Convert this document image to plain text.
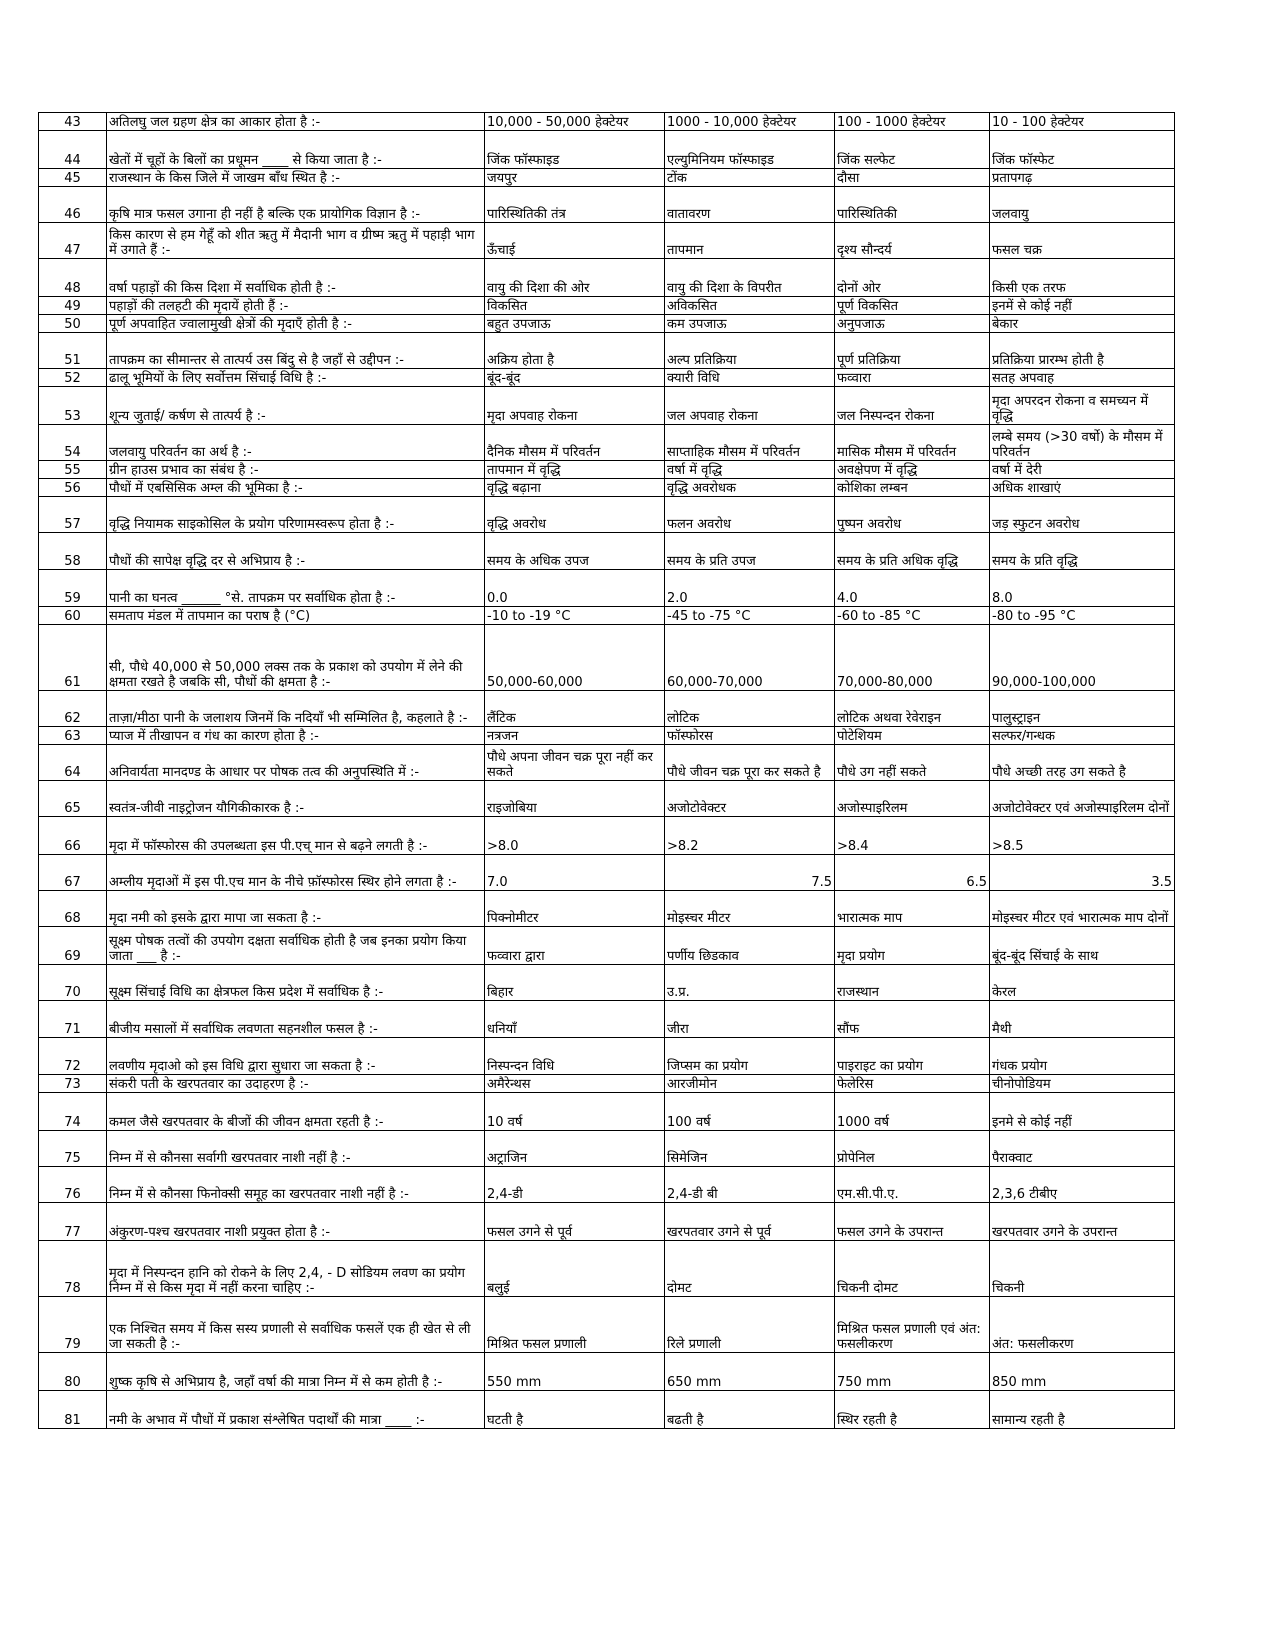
43	अतिलघु जल ग्रहण क्षेत्र का आकार होता है :-	10,000 - 50,000 हेक्टेयर	1000 - 10,000 हेक्टेयर	100 - 1000 हेक्टेयर	10 - 100 हेक्टेयर
44	खेतों में चूहों के बिलों का प्रधूमन ____ से किया जाता है :-	जिंक फॉस्फाइड	एल्युमिनियम फॉस्फाइड	जिंक सल्फेट	जिंक फॉस्फेट
45	राजस्थान के किस जिले में जाखम बाँध स्थित है :-	जयपुर	टोंक	दौसा	प्रतापगढ़
46	कृषि मात्र फसल उगाना ही नहीं है बल्कि एक प्रायोगिक विज्ञान है :-	पारिस्थितिकी तंत्र	वातावरण	पारिस्थितिकी	जलवायु
47	किस कारण से हम गेहूँ को शीत ऋतु में मैदानी भाग व ग्रीष्म ऋतु में पहाड़ी भाग में उगाते हैं :-	ऊँचाई	तापमान	दृश्य सौन्दर्य	फसल चक्र
48	वर्षा पहाड़ों की किस दिशा में सर्वाधिक होती है :-	वायु की दिशा की ओर	वायु की दिशा के विपरीत	दोनों ओर	किसी एक तरफ
49	पहाड़ों की तलहटी की मृदायें होती हैं :-	विकसित	अविकसित	पूर्ण विकसित	इनमें से कोई नहीं
50	पूर्ण अपवाहित ज्वालामुखी क्षेत्रों की मृदाएँ होती है :-	बहुत उपजाऊ	कम उपजाऊ	अनुपजाऊ	बेकार
51	तापक्रम का सीमान्तर से तात्पर्य उस बिंदु से है जहाँ से उद्दीपन :-	अक्रिय होता है	अल्प प्रतिक्रिया	पूर्ण प्रतिक्रिया	प्रतिक्रिया प्रारम्भ होती है
52	ढालू भूमियों के लिए सर्वोत्तम सिंचाई विधि है :-	बूंद-बूंद	क्यारी विधि	फव्वारा	सतह अपवाह
53	शून्य जुताई/ कर्षण से तात्पर्य है :-	मृदा अपवाह रोकना	जल अपवाह रोकना	जल निस्पन्दन रोकना	मृदा अपरदन रोकना व समच्यन में वृद्धि
54	जलवायु परिवर्तन का अर्थ है :-	दैनिक मौसम में परिवर्तन	साप्ताहिक मौसम में परिवर्तन	मासिक मौसम में परिवर्तन	लम्बे समय (>30 वर्षो) के मौसम में परिवर्तन
55	ग्रीन हाउस प्रभाव का संबंध है :-	तापमान में वृद्धि	वर्षा में वृद्धि	अवक्षेपण में वृद्धि	वर्षा में देरी
56	पौधों में एबसिसिक अम्ल की भूमिका है :-	वृद्धि बढ़ाना	वृद्धि अवरोधक	कोशिका लम्बन	अधिक शाखाएं
57	वृद्धि नियामक साइकोसिल के प्रयोग परिणामस्वरूप होता है :-	वृद्धि अवरोध	फलन अवरोध	पुष्पन अवरोध	जड़ स्फुटन अवरोध
58	पौधों की सापेक्ष वृद्धि दर से अभिप्राय है :-	समय के अधिक उपज	समय के प्रति उपज	समय के प्रति अधिक वृद्धि	समय के प्रति वृद्धि
59	पानी का घनत्व ______ °से. तापक्रम पर सर्वाधिक होता है :-	0.0	2.0	4.0	8.0
60	समताप मंडल में तापमान का पराष है (°C)	-10 to -19 °C	-45 to -75 °C	-60 to -85 °C	-80 to -95 °C
61	सी, पौधे 40,000 से 50,000 लक्स तक के प्रकाश को उपयोग में लेने की क्षमता रखते है जबकि सी, पौधों की क्षमता है :-	50,000-60,000	60,000-70,000	70,000-80,000	90,000-100,000
62	ताज़ा/मीठा पानी के जलाशय जिनमें कि नदियाँ भी सम्मिलित है, कहलाते है :-	लैंटिक	लोटिक	लोटिक अथवा रेवेराइन	पालुस्ट्राइन
63	प्याज में तीखापन व गंध का कारण होता है :-	नत्रजन	फॉस्फोरस	पोटेशियम	सल्फर/गन्धक
64	अनिवार्यता मानदण्ड के आधार पर पोषक तत्व की अनुपस्थिति में :-	पौधे अपना जीवन चक्र पूरा नहीं कर सकते	पौधे जीवन चक्र पूरा कर सकते है	पौधे उग नहीं सकते	पौधे अच्छी तरह उग सकते है
65	स्वतंत्र-जीवी नाइट्रोजन यौगिकीकारक है :-	राइजोबिया	अजोटोवेक्टर	अजोस्पाइरिलम	अजोटोवेक्टर एवं अजोस्पाइरिलम दोनों
66	मृदा में फॉस्फोरस की उपलब्धता इस पी.एच् मान से बढ़ने लगती है :-	>8.0	>8.2	>8.4	>8.5
67	अम्लीय मृदाओं में इस पी.एच मान के नीचे फ़ॉस्फोरस स्थिर होने लगता है :-	7.0	7.5	6.5	3.5
68	मृदा नमी को इसके द्वारा मापा जा सकता है :-	पिक्नोमीटर	मोइस्चर मीटर	भारात्मक माप	मोइस्चर मीटर एवं भारात्मक माप दोनों
69	सूक्ष्म पोषक तत्वों की उपयोग दक्षता सर्वाधिक होती है जब इनका प्रयोग किया जाता ___ है :-	फव्वारा द्वारा	पर्णीय छिडकाव	मृदा प्रयोग	बूंद-बूंद सिंचाई के साथ
70	सूक्ष्म सिंचाई विधि का क्षेत्रफल किस प्रदेश में सर्वाधिक है :-	बिहार	उ.प्र.	राजस्थान	केरल
71	बीजीय मसालों में सर्वाधिक लवणता सहनशील फसल है :-	धनियाँ	जीरा	सौंफ	मैथी
72	लवणीय मृदाओ को इस विधि द्वारा सुधारा जा सकता है :-	निस्पन्दन विधि	जिप्सम का प्रयोग	पाइराइट का प्रयोग	गंधक प्रयोग
73	संकरी पती के खरपतवार का उदाहरण है :-	अमैरेन्थस	आरजीमोन	फेलेरिस	चीनोपोडियम
74	कमल जैसे खरपतवार के बीजों की जीवन क्षमता रहती है :-	10 वर्ष	100 वर्ष	1000 वर्ष	इनमे से कोई नहीं
75	निम्न में से कौनसा सर्वागी खरपतवार नाशी नहीं है :-	अट्राजिन	सिमेजिन	प्रोपेनिल	पैराक्वाट
76	निम्न में से कौनसा फिनोक्सी समूह का खरपतवार नाशी नहीं है :-	2,4-डी	2,4-डी बी	एम.सी.पी.ए.	2,3,6 टीबीए
77	अंकुरण-पश्च खरपतवार नाशी प्रयुक्त होता है :-	फसल उगने से पूर्व	खरपतवार उगने से पूर्व	फसल उगने के उपरान्त	खरपतवार उगने के उपरान्त
78	मृदा में निस्पन्दन हानि को रोकने के लिए 2,4, - D सोडियम लवण का प्रयोग निम्न में से किस मृदा में नहीं करना चाहिए :-	बलुई	दोमट	चिकनी दोमट	चिकनी
79	एक निश्चित समय में किस सस्य प्रणाली से सर्वाधिक फसलें एक ही खेत से ली जा सकती है :-	मिश्रित फसल प्रणाली	रिले प्रणाली	मिश्रित फसल प्रणाली एवं अंत: फसलीकरण	अंत: फसलीकरण
80	शुष्क कृषि से अभिप्राय है, जहाँ वर्षा की मात्रा निम्न में से कम होती है :-	550 mm	650 mm	750 mm	850 mm
81	नमी के अभाव में पौधों में प्रकाश संश्लेषित पदार्थों की मात्रा ____ :-	घटती है	बढती है	स्थिर रहती है	सामान्य रहती है
